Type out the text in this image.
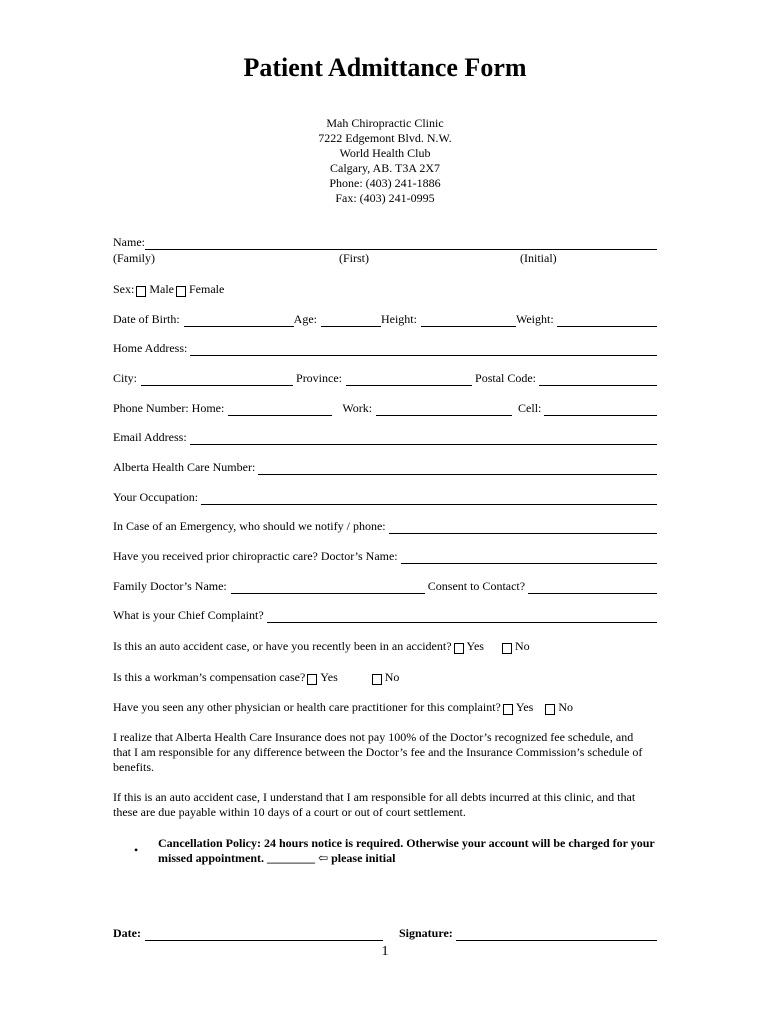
Patient Admittance Form
Mah Chiropractic Clinic
7222 Edgemont Blvd. N.W.
World Health Club
Calgary, AB. T3A 2X7
Phone: (403) 241-1886
Fax: (403) 241-0995
Name:
(Family)	(First)	(Initial)
Sex: Male Female
Date of Birth:	Age:	Height:	Weight:
Home Address:
City:	Province:	Postal Code:
Phone Number: Home:	Work:	Cell:
Email Address:
Alberta Health Care Number:
Your Occupation:
In Case of an Emergency, who should we notify / phone:
Have you received prior chiropractic care? Doctor’s Name:
Family Doctor’s Name:	Consent to Contact?
What is your Chief Complaint?
Is this an auto accident case, or have you recently been in an accident? Yes	No
Is this a workman’s compensation case? Yes	No
Have you seen any other physician or health care practitioner for this complaint? Yes No
I realize that Alberta Health Care Insurance does not pay 100% of the Doctor’s recognized fee schedule, and that I am responsible for any difference between the Doctor’s fee and the Insurance Commission’s schedule of benefits.
If this is an auto accident case, I understand that I am responsible for all debts incurred at this clinic, and that these are due payable within 10 days of a court or out of court settlement.
• Cancellation Policy: 24 hours notice is required. Otherwise your account will be charged for your missed appointment. ________ ⇦ please initial
Date:	Signature:
1
